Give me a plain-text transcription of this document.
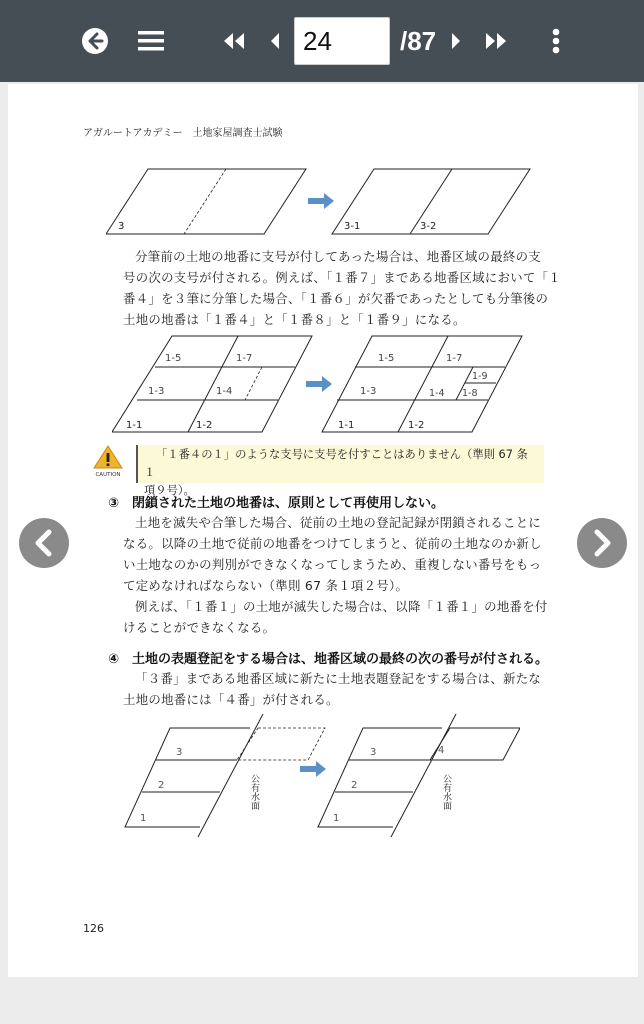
24	/87
アガルートアカデミー　土地家屋調査士試験
3	3-1	3-2
分筆前の土地の地番に支号が付してあった場合は、地番区域の最終の支
号の次の支号が付される。例えば、「１番７」まである地番区域において「１
番４」を３筆に分筆した場合、「１番６」が欠番であったとしても分筆後の
土地の地番は「１番４」と「１番８」と「１番９」になる。
1-5	1-7
1-3	1-4
1-1	1-2
1-5	1-7
1-9
1-3	1-4 1-8
1-1	1-2
CAUTION
「１番４の１」のような支号に支号を付すことはありません（準則 67 条１
項９号）。
③　閉鎖された土地の地番は、原則として再使用しない。
土地を滅失や合筆した場合、従前の土地の登記記録が閉鎖されることに
なる。以降の土地で従前の地番をつけてしまうと、従前の土地なのか新し
い土地なのかの判別ができなくなってしまうため、重複しない番号をもっ
て定めなければならない（準則 67 条１項２号）。
例えば、「１番１」の土地が滅失した場合は、以降「１番１」の地番を付
けることができなくなる。
④　土地の表題登記をする場合は、地番区域の最終の次の番号が付される。
「３番」まである地番区域に新たに土地表題登記をする場合は、新たな
土地の地番には「４番」が付される。
3
2
1
公有水面
3	4
2
1
公有水面
126
